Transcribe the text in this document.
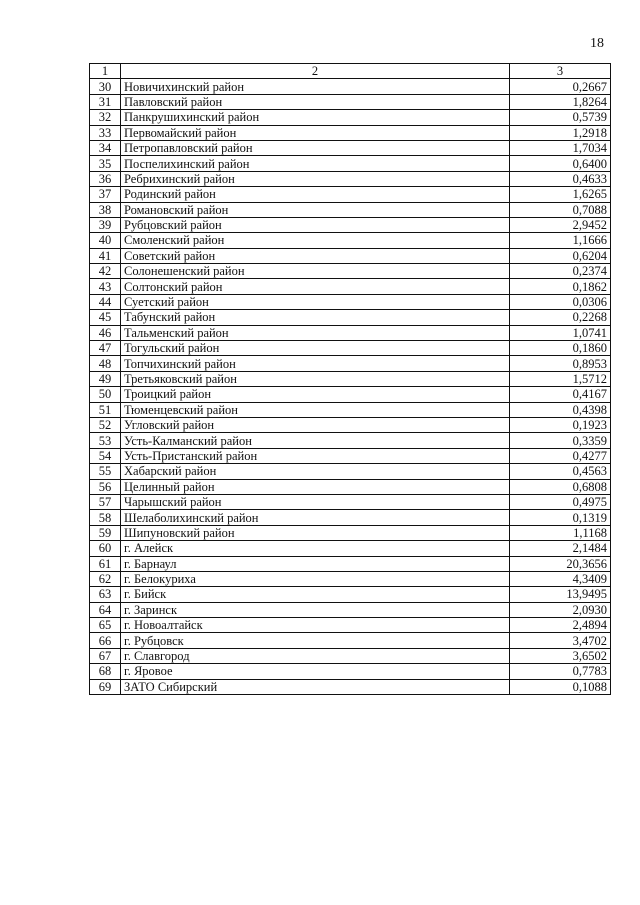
18
1	2	3
30	Новичихинский район	0,2667
31	Павловский район	1,8264
32	Панкрушихинский район	0,5739
33	Первомайский район	1,2918
34	Петропавловский район	1,7034
35	Поспелихинский район	0,6400
36	Ребрихинский район	0,4633
37	Родинский район	1,6265
38	Романовский район	0,7088
39	Рубцовский район	2,9452
40	Смоленский район	1,1666
41	Советский район	0,6204
42	Солонешенский район	0,2374
43	Солтонский район	0,1862
44	Суетский район	0,0306
45	Табунский район	0,2268
46	Тальменский район	1,0741
47	Тогульский район	0,1860
48	Топчихинский район	0,8953
49	Третьяковский район	1,5712
50	Троицкий район	0,4167
51	Тюменцевский район	0,4398
52	Угловский район	0,1923
53	Усть-Калманский район	0,3359
54	Усть-Пристанский район	0,4277
55	Хабарский район	0,4563
56	Целинный район	0,6808
57	Чарышский район	0,4975
58	Шелаболихинский район	0,1319
59	Шипуновский район	1,1168
60	г. Алейск	2,1484
61	г. Барнаул	20,3656
62	г. Белокуриха	4,3409
63	г. Бийск	13,9495
64	г. Заринск	2,0930
65	г. Новоалтайск	2,4894
66	г. Рубцовск	3,4702
67	г. Славгород	3,6502
68	г. Яровое	0,7783
69	ЗАТО Сибирский	0,1088
